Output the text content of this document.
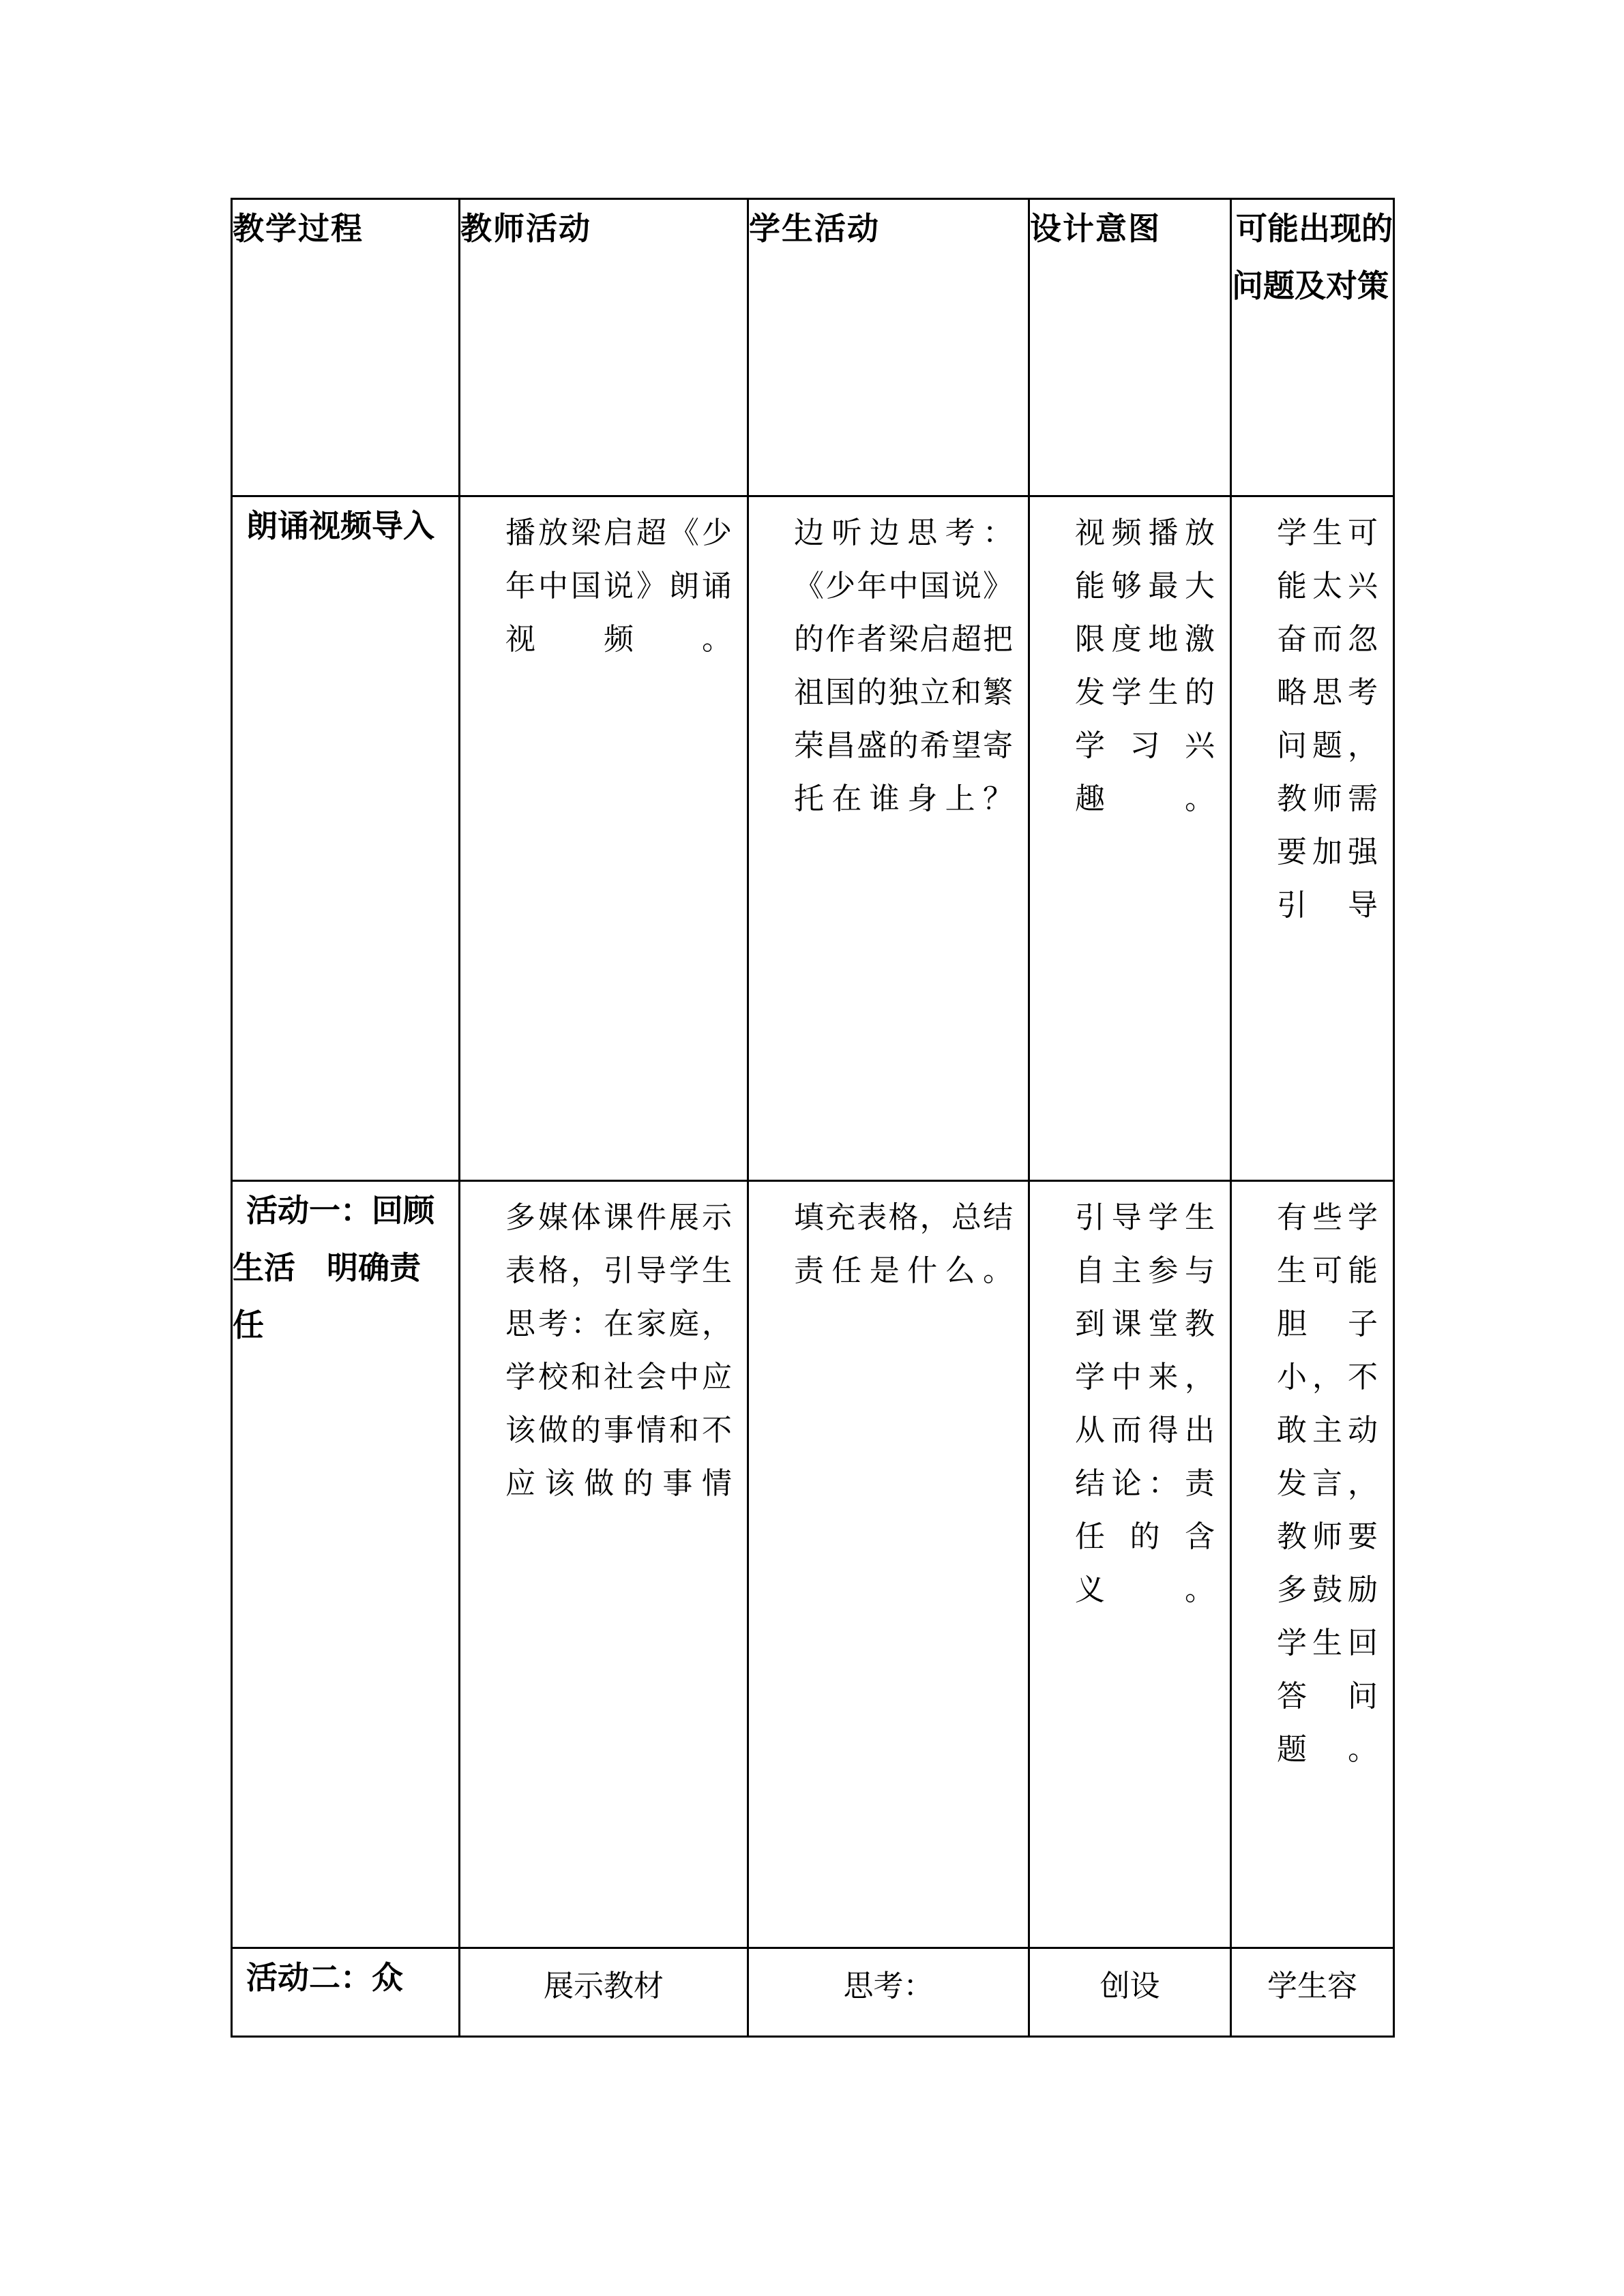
教学过程	教师活动	学生活动	设计意图	可能出现的问题及对策
朗诵视频导入	播放梁启超《少年中国说》朗诵视频。	边听边思考：《少年中国说》的作者梁启超把祖国的独立和繁荣昌盛的希望寄托在谁身上？	视频播放能够最大限度地激发学生的学习兴趣。	学生可能太兴奋而忽略思考问题，教师需要加强引导

活动一：回顾生活　明确责任	多媒体课件展示表格，引导学生思考：在家庭，学校和社会中应该做的事情和不应该做的事情	填充表格，总结责任是什么。	引导学生自主参与到课堂教学中来，从而得出结论：责任的含义。	有些学生可能胆子小，不敢主动发言，教师要多鼓励学生回答问题。

活动二：众	展示教材	思考：	创设	学生容
